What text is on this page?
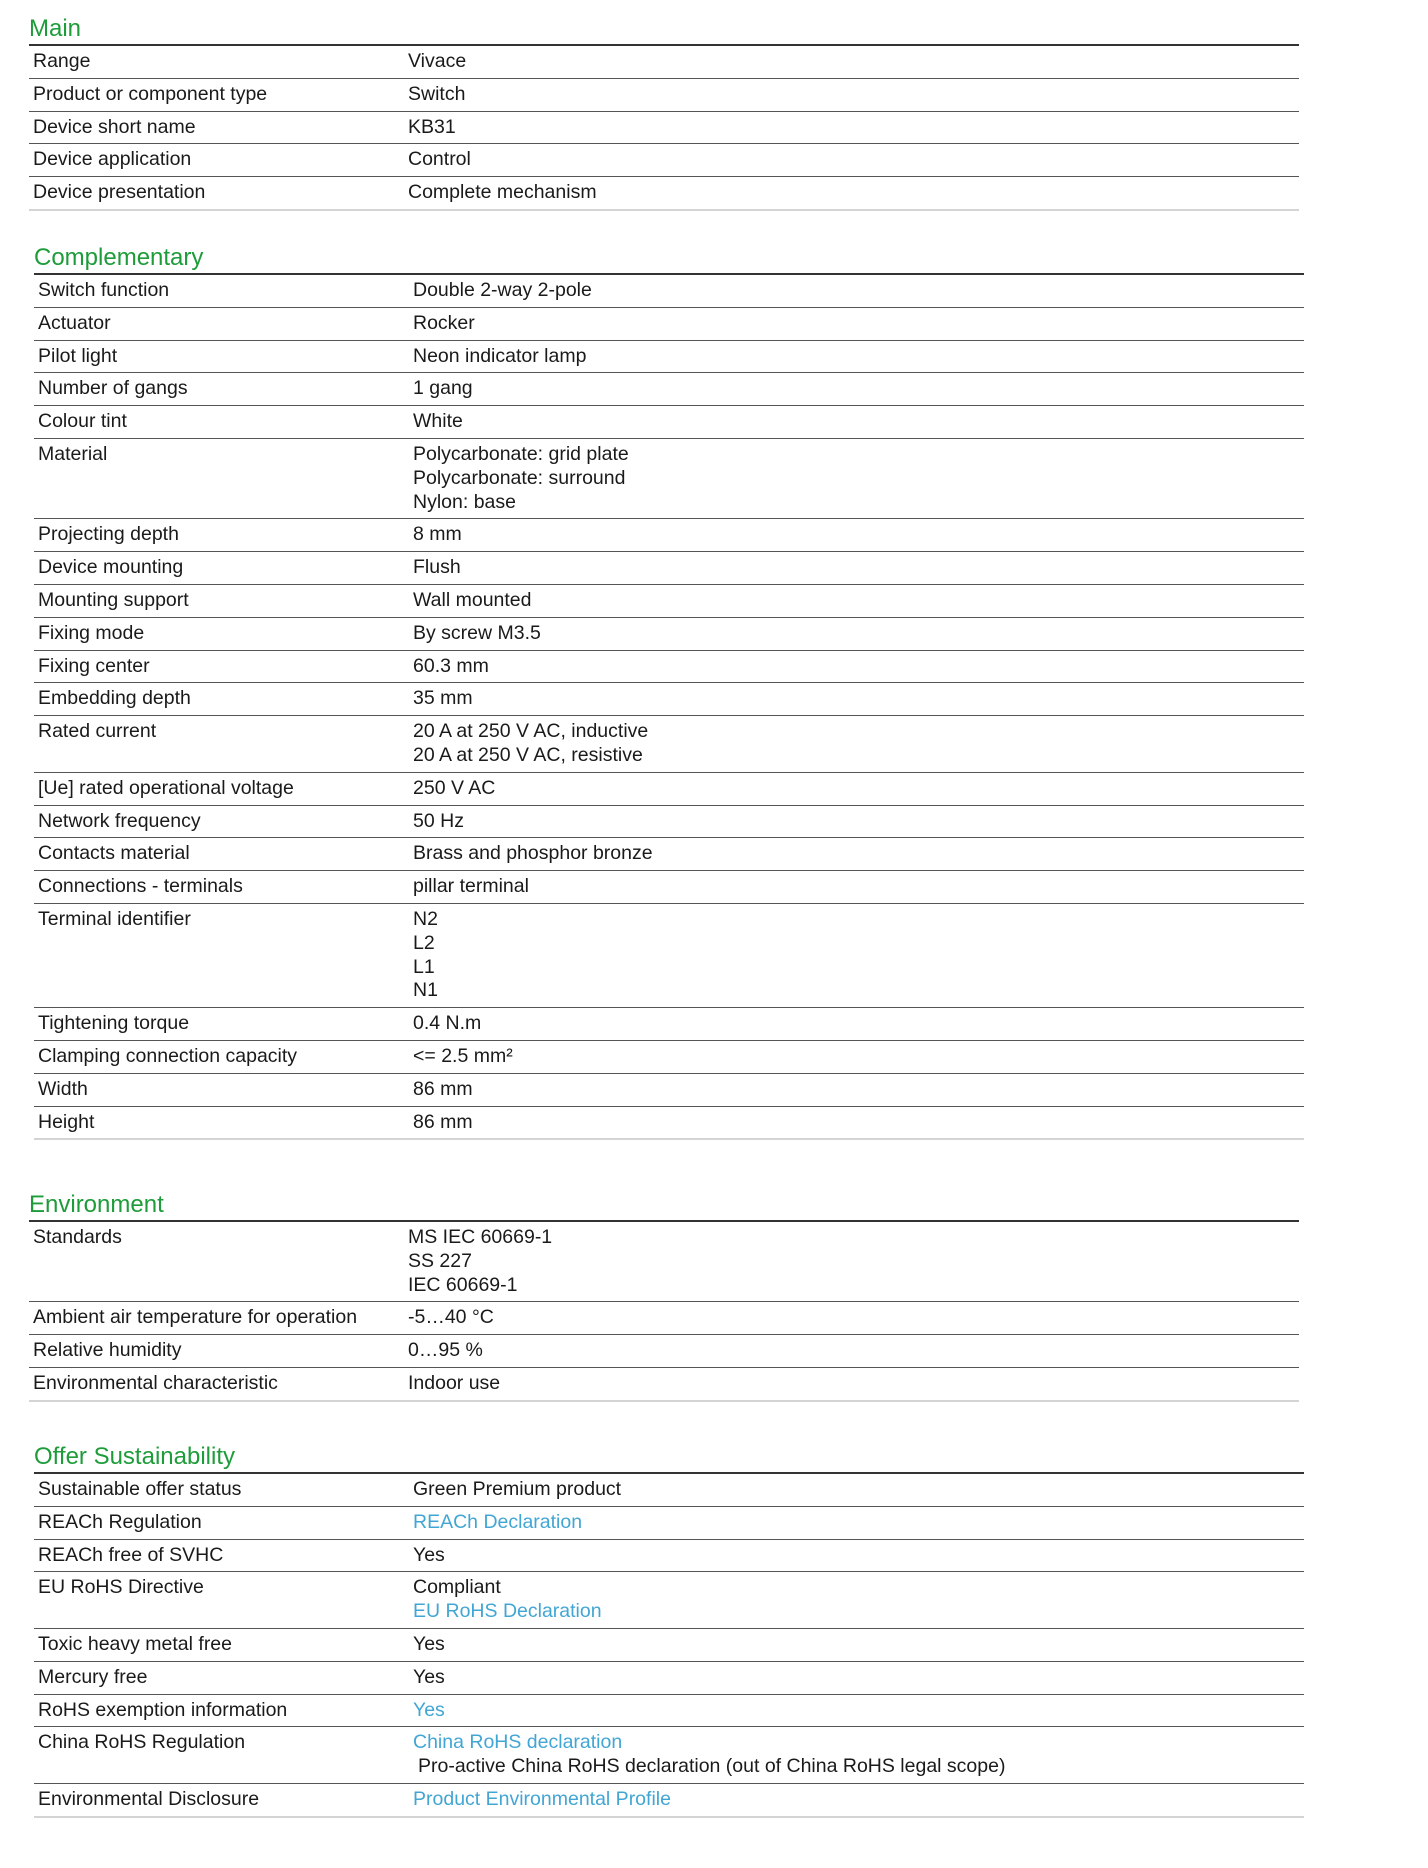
Main
Range	Vivace
Product or component type	Switch
Device short name	KB31
Device application	Control
Device presentation	Complete mechanism
Complementary
Switch function	Double 2-way 2-pole
Actuator	Rocker
Pilot light	Neon indicator lamp
Number of gangs	1 gang
Colour tint	White
Material	Polycarbonate: grid plate
Polycarbonate: surround
Nylon: base
Projecting depth	8 mm
Device mounting	Flush
Mounting support	Wall mounted
Fixing mode	By screw M3.5
Fixing center	60.3 mm
Embedding depth	35 mm
Rated current	20 A at 250 V AC, inductive
20 A at 250 V AC, resistive
[Ue] rated operational voltage	250 V AC
Network frequency	50 Hz
Contacts material	Brass and phosphor bronze
Connections - terminals	pillar terminal
Terminal identifier	N2
L2
L1
N1
Tightening torque	0.4 N.m
Clamping connection capacity	<= 2.5 mm²
Width	86 mm
Height	86 mm
Environment
Standards	MS IEC 60669-1
SS 227
IEC 60669-1
Ambient air temperature for operation	-5…40 °C
Relative humidity	0…95 %
Environmental characteristic	Indoor use
Offer Sustainability
Sustainable offer status	Green Premium product
REACh Regulation	REACh Declaration
REACh free of SVHC	Yes
EU RoHS Directive	Compliant
EU RoHS Declaration
Toxic heavy metal free	Yes
Mercury free	Yes
RoHS exemption information	Yes
China RoHS Regulation	China RoHS declaration
Pro-active China RoHS declaration (out of China RoHS legal scope)
Environmental Disclosure	Product Environmental Profile
